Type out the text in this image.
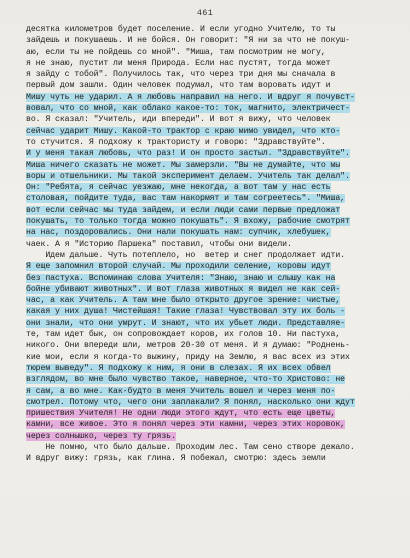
461
десятка километров будет поселение. И если угодно Учителю, то ты
зайдешь и покушаешь. И не бойся. Он говорит: "Я ни за что не покуш-
аю, если ты не пойдешь со мной". "Миша, там посмотрим не могу,
я не знаю, пустит ли меня Природа. Если нас пустят, тогда может
я зайду с тобой". Получилось так, что через три дня мы сначала в
первый дом зашли. Один человек подумал, что там воровать идут и
Мишу чуть не ударил. А я любовь направил на него. И вдруг я почувст-
вовал, что со мной, как облако какое-то: ток, магнито, электричест-
во. Я сказал: "Учитель, иди впереди". И вот я вижу, что человек
сейчас ударит Мишу. Какой-то трактор с краю мимо увидел, что кто-
то стучится. Я подхожу к трактористу и говорю: "Здравствуйте".
И у меня такая любовь, что раз! И он просто застыл. "Здравствуйте".
Миша ничего сказать не может. Мы замерзли. "Вы не думайте, что мы
воры и отшельники. Мы такой эксперимент делаем. Учитель так делал".
Он: "Ребята, я сейчас уезжаю, мне некогда, а вот там у нас есть
столовая, пойдите туда, вас там накормят и там согреетесь". "Миша,
вот если сейчас мы туда зайдем, и если люди сами первые предложат
покушать, то только тогда можно покушать". Я вхожу, рабочие смотрят
на нас, поздоровались. Они нали покушать нам: супчик, хлебушек,
чаек. А я "Историю Паршека" поставил, чтобы они видели.
Идем дальше. Чуть потеплело, но  ветер и снег продолжает идти.
Я еще запомнил второй случай. Мы проходили селение, коровы идут
без пастуха. Вспоминаю слова Учителя: "Знаю, знаю и слышу как на
бойне убивают животных". И вот глаза животных я видел не как сей-
час, а как Учитель. А там мне было открыто другое зрение: чистые,
какая у них душа! Чистейшая! Такие глаза! Чувствовал эту их боль -
они знали, что они умрут. И знают, что их убьет люди. Представляе-
те, там идет бык, он сопровождает коров, их голов 10. Ни пастуха,
никого. Они впереди шли, метров 20-30 от меня. И я думаю: "Роднень-
кие мои, если я когда-то выжину, приду на Землю, я вас всех из этих
тюрем выведу". Я подхожу к ним, я они в слезах. Я их всех обвел
взглядом, во мне было чувство такое, наверное, что-то Христово: не
я сам, а во мне. Как-будто в меня Учитель вошел и через меня по-
смотрел. Потому что, чего они заплакали? Я понял, насколько они ждут
пришествия Учителя! Не одни люди этого ждут, что есть еще цветы,
камни, все живое. Это я понял через эти камни, через этих коровок,
через солнышко, через ту грязь.
Не помню, что было дальше. Проходим лес. Там сено створе дежало.
И вдруг вижу: грязь, как глина. Я побежал, смотрю: здесь земли
